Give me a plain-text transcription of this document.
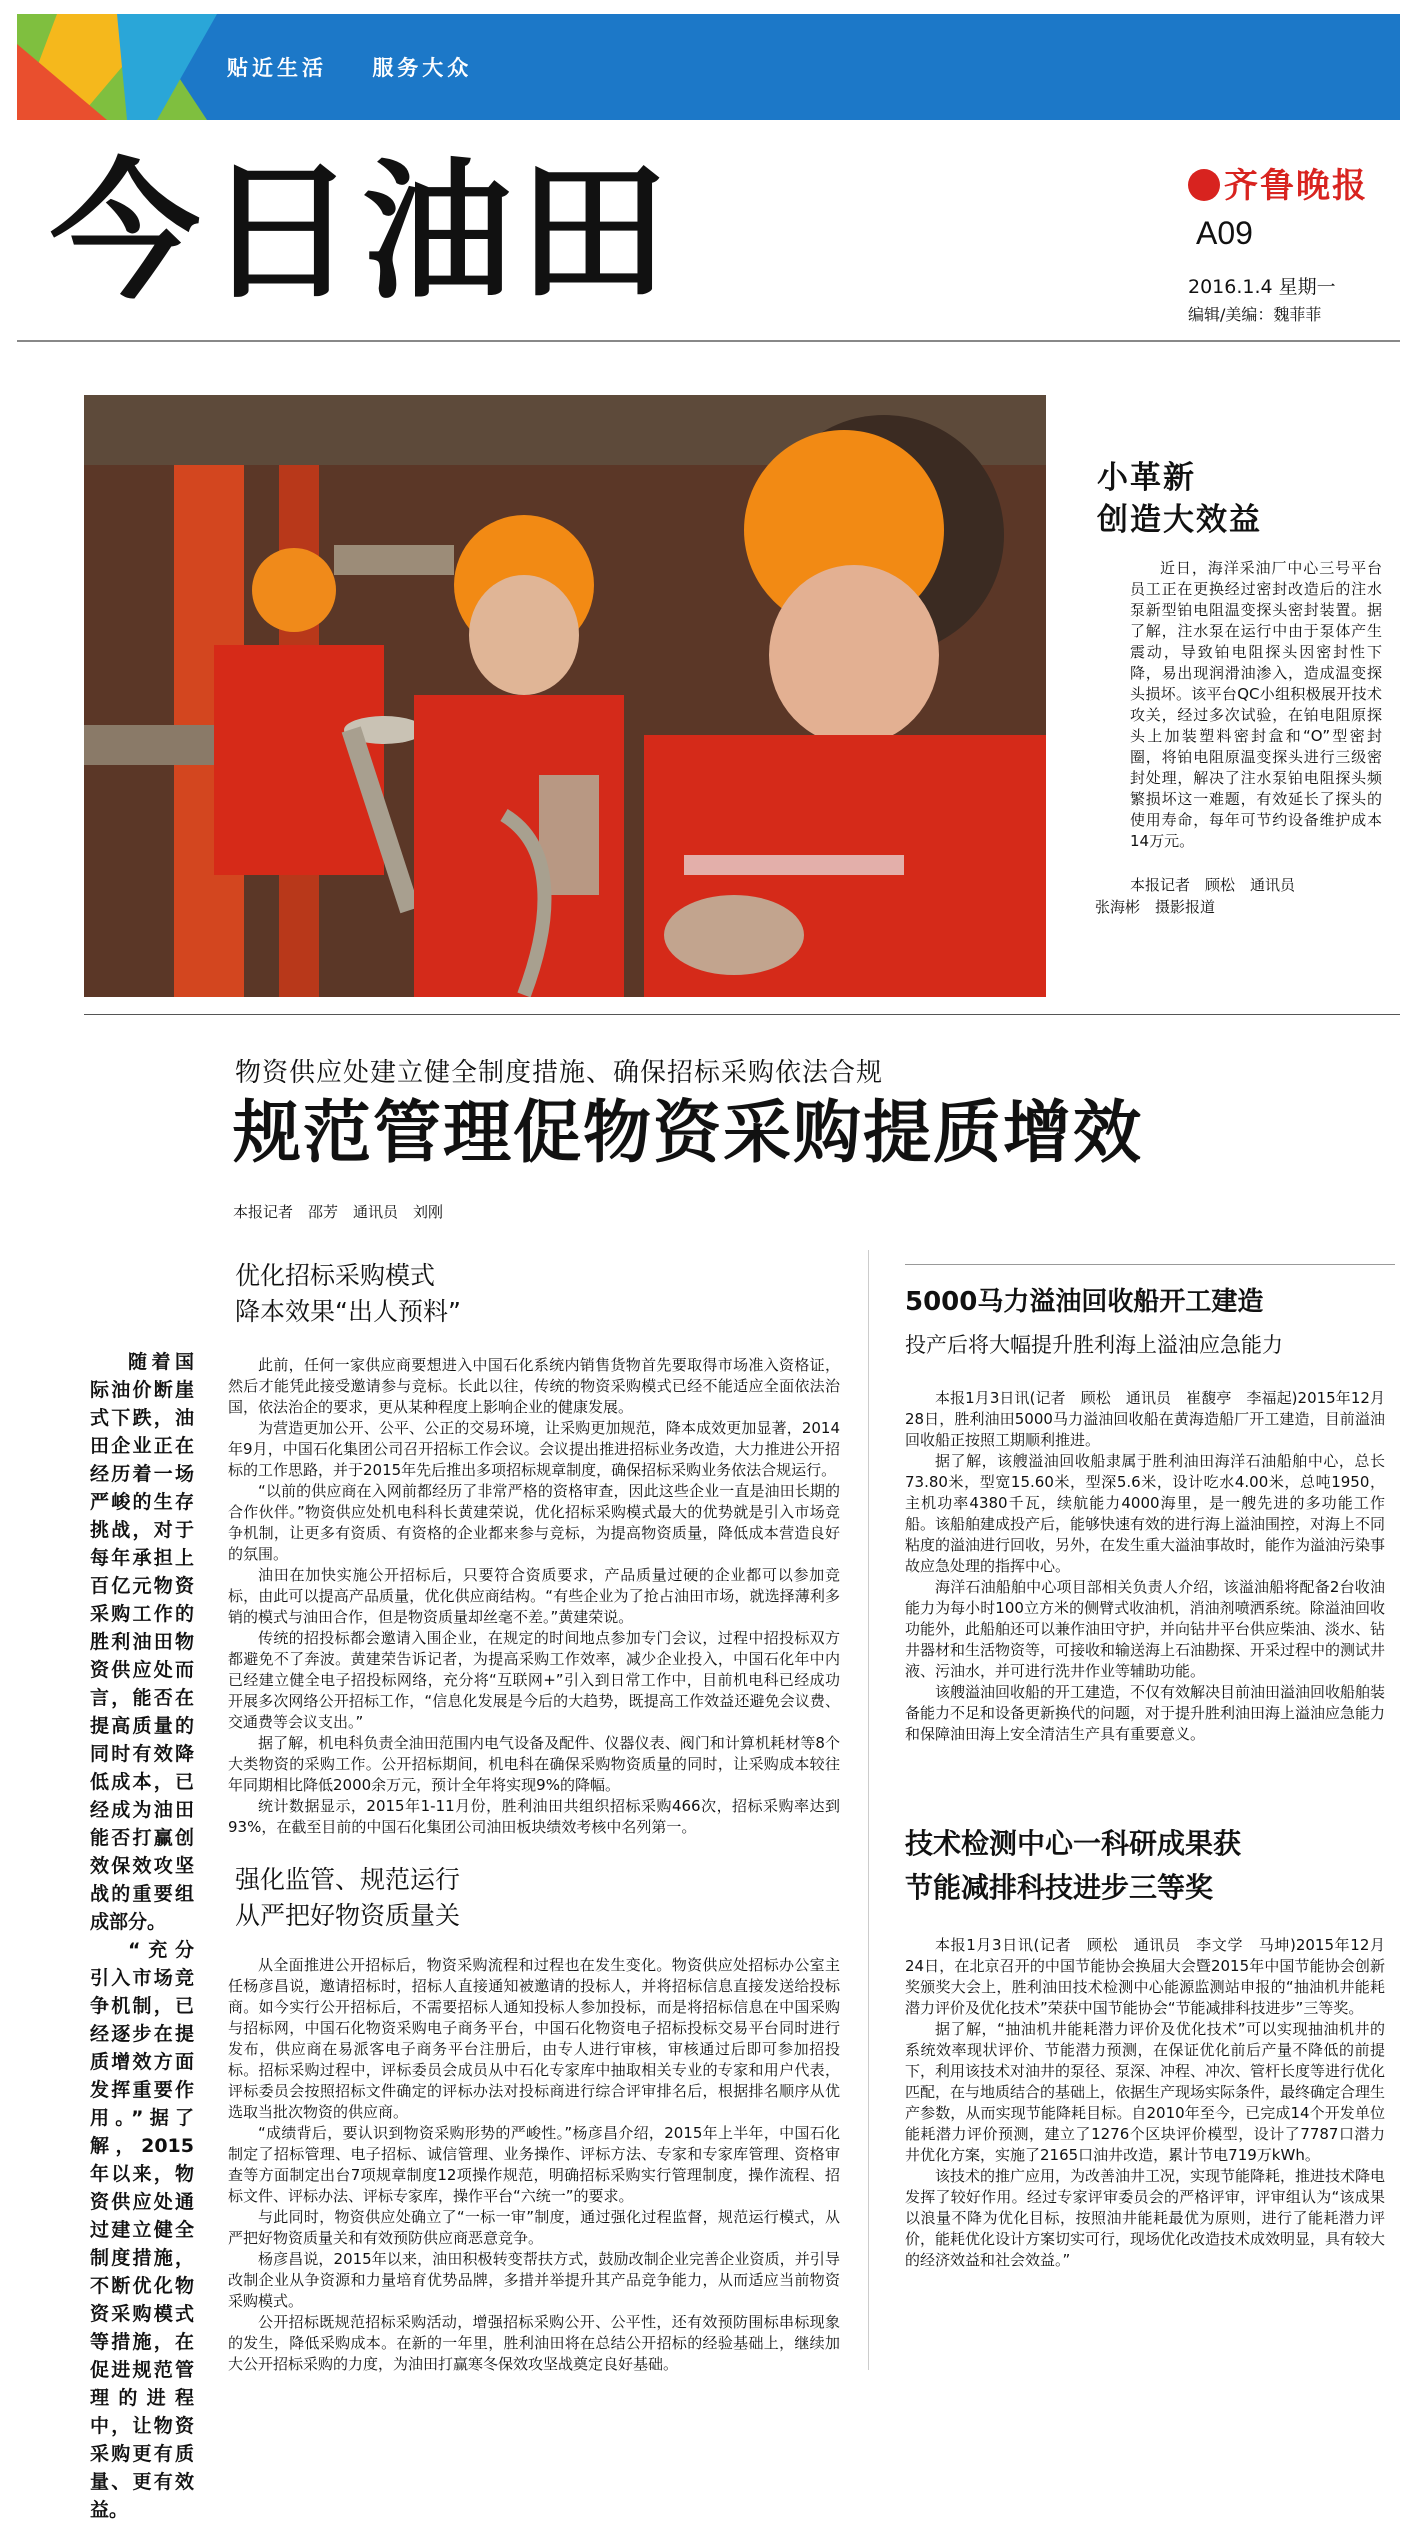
贴近生活 服务大众
今日油田	齐鲁晚报
A09
2016.1.4 星期一
编辑/美编：魏菲菲
小革新
创造大效益
近日，海洋采油厂中心三号平台员工正在更换经过密封改造后的注水泵新型铂电阻温变探头密封装置。据了解，注水泵在运行中由于泵体产生震动，导致铂电阻探头因密封性下降，易出现润滑油渗入，造成温变探头损坏。该平台QC小组积极展开技术攻关，经过多次试验，在铂电阻原探头上加装塑料密封盒和“O”型密封圈，将铂电阻原温变探头进行三级密封处理，解决了注水泵铂电阻探头频繁损坏这一难题，有效延长了探头的使用寿命，每年可节约设备维护成本14万元。
本报记者　顾松　通讯员
张海彬　摄影报道
物资供应处建立健全制度措施、确保招标采购依法合规
规范管理促物资采购提质增效
本报记者　邵芳　通讯员　刘刚

随着国际油价断崖式下跌，油田企业正在经历着一场严峻的生存挑战，对于每年承担上百亿元物资采购工作的胜利油田物资供应处而言，能否在提高质量的同时有效降低成本，已经成为油田能否打赢创效保效攻坚战的重要组成部分。

“充分引入市场竞争机制，已经逐步在提质增效方面发挥重要作用。”据了解，2015年以来，物资供应处通过建立健全制度措施，不断优化物资采购模式等措施，在促进规范管理的进程中，让物资采购更有质量、更有效益。

优化招标采购模式
降本效果“出人预料”

此前，任何一家供应商要想进入中国石化系统内销售货物首先要取得市场准入资格证，然后才能凭此接受邀请参与竞标。长此以往，传统的物资采购模式已经不能适应全面依法治国，依法治企的要求，更从某种程度上影响企业的健康发展。

为营造更加公开、公平、公正的交易环境，让采购更加规范，降本成效更加显著，2014年9月，中国石化集团公司召开招标工作会议。会议提出推进招标业务改造，大力推进公开招标的工作思路，并于2015年先后推出多项招标规章制度，确保招标采购业务依法合规运行。

“以前的供应商在入网前都经历了非常严格的资格审查，因此这些企业一直是油田长期的合作伙伴。”物资供应处机电科科长黄建荣说，优化招标采购模式最大的优势就是引入市场竞争机制，让更多有资质、有资格的企业都来参与竞标，为提高物资质量，降低成本营造良好的氛围。

油田在加快实施公开招标后，只要符合资质要求，产品质量过硬的企业都可以参加竞标，由此可以提高产品质量，优化供应商结构。“有些企业为了抢占油田市场，就选择薄利多销的模式与油田合作，但是物资质量却丝毫不差。”黄建荣说。

传统的招投标都会邀请入围企业，在规定的时间地点参加专门会议，过程中招投标双方都避免不了奔波。黄建荣告诉记者，为提高采购工作效率，减少企业投入，中国石化年中内已经建立健全电子招投标网络，充分将“互联网+”引入到日常工作中，目前机电科已经成功开展多次网络公开招标工作，“信息化发展是今后的大趋势，既提高工作效益还避免会议费、交通费等会议支出。”

据了解，机电科负责全油田范围内电气设备及配件、仪器仪表、阀门和计算机耗材等8个大类物资的采购工作。公开招标期间，机电科在确保采购物资质量的同时，让采购成本较往年同期相比降低2000余万元，预计全年将实现9%的降幅。

统计数据显示，2015年1-11月份，胜利油田共组织招标采购466次，招标采购率达到93%，在截至目前的中国石化集团公司油田板块绩效考核中名列第一。

强化监管、规范运行
从严把好物资质量关

从全面推进公开招标后，物资采购流程和过程也在发生变化。物资供应处招标办公室主任杨彦昌说，邀请招标时，招标人直接通知被邀请的投标人，并将招标信息直接发送给投标商。如今实行公开招标后，不需要招标人通知投标人参加投标，而是将招标信息在中国采购与招标网，中国石化物资采购电子商务平台，中国石化物资电子招标投标交易平台同时进行发布，供应商在易派客电子商务平台注册后，由专人进行审核，审核通过后即可参加招投标。招标采购过程中，评标委员会成员从中石化专家库中抽取相关专业的专家和用户代表，评标委员会按照招标文件确定的评标办法对投标商进行综合评审排名后，根据排名顺序从优选取当批次物资的供应商。

“成绩背后，要认识到物资采购形势的严峻性。”杨彦昌介绍，2015年上半年，中国石化制定了招标管理、电子招标、诚信管理、业务操作、评标方法、专家和专家库管理、资格审查等方面制定出台7项规章制度12项操作规范，明确招标采购实行管理制度，操作流程、招标文件、评标办法、评标专家库，操作平台“六统一”的要求。

与此同时，物资供应处确立了“一标一审”制度，通过强化过程监督，规范运行模式，从严把好物资质量关和有效预防供应商恶意竞争。

杨彦昌说，2015年以来，油田积极转变帮扶方式，鼓励改制企业完善企业资质，并引导改制企业从争资源和力量培育优势品牌，多措并举提升其产品竞争能力，从而适应当前物资采购模式。

公开招标既规范招标采购活动，增强招标采购公开、公平性，还有效预防围标串标现象的发生，降低采购成本。在新的一年里，胜利油田将在总结公开招标的经验基础上，继续加大公开招标采购的力度，为油田打赢寒冬保效攻坚战奠定良好基础。

5000马力溢油回收船开工建造
投产后将大幅提升胜利海上溢油应急能力

本报1月3日讯(记者　顾松　通讯员　崔馥亭　李福起)2015年12月28日，胜利油田5000马力溢油回收船在黄海造船厂开工建造，目前溢油回收船正按照工期顺利推进。

据了解，该艘溢油回收船隶属于胜利油田海洋石油船舶中心，总长73.80米，型宽15.60米，型深5.6米，设计吃水4.00米，总吨1950，主机功率4380千瓦，续航能力4000海里，是一艘先进的多功能工作船。该船舶建成投产后，能够快速有效的进行海上溢油围控，对海上不同粘度的溢油进行回收，另外，在发生重大溢油事故时，能作为溢油污染事故应急处理的指挥中心。

海洋石油船舶中心项目部相关负责人介绍，该溢油船将配备2台收油能力为每小时100立方米的侧臂式收油机，消油剂喷洒系统。除溢油回收功能外，此船舶还可以兼作油田守护，并向钻井平台供应柴油、淡水、钻井器材和生活物资等，可接收和输送海上石油勘探、开采过程中的测试井液、污油水，并可进行洗井作业等辅助功能。

该艘溢油回收船的开工建造，不仅有效解决目前油田溢油回收船舶装备能力不足和设备更新换代的问题，对于提升胜利油田海上溢油应急能力和保障油田海上安全清洁生产具有重要意义。

技术检测中心一科研成果获
节能减排科技进步三等奖

本报1月3日讯(记者　顾松　通讯员　李文学　马坤)2015年12月24日，在北京召开的中国节能协会换届大会暨2015年中国节能协会创新奖颁奖大会上，胜利油田技术检测中心能源监测站申报的“抽油机井能耗潜力评价及优化技术”荣获中国节能协会“节能减排科技进步”三等奖。

据了解，“抽油机井能耗潜力评价及优化技术”可以实现抽油机井的系统效率现状评价、节能潜力预测，在保证优化前后产量不降低的前提下，利用该技术对油井的泵径、泵深、冲程、冲次、管杆长度等进行优化匹配，在与地质结合的基础上，依据生产现场实际条件，最终确定合理生产参数，从而实现节能降耗目标。自2010年至今，已完成14个开发单位能耗潜力评价预测，建立了1276个区块评价模型，设计了7787口潜力井优化方案，实施了2165口油井改造，累计节电719万kWh。

该技术的推广应用，为改善油井工况，实现节能降耗，推进技术降电发挥了较好作用。经过专家评审委员会的严格评审，评审组认为“该成果以浪量不降为优化目标，按照油井能耗最优为原则，进行了能耗潜力评价，能耗优化设计方案切实可行，现场优化改造技术成效明显，具有较大的经济效益和社会效益。”
